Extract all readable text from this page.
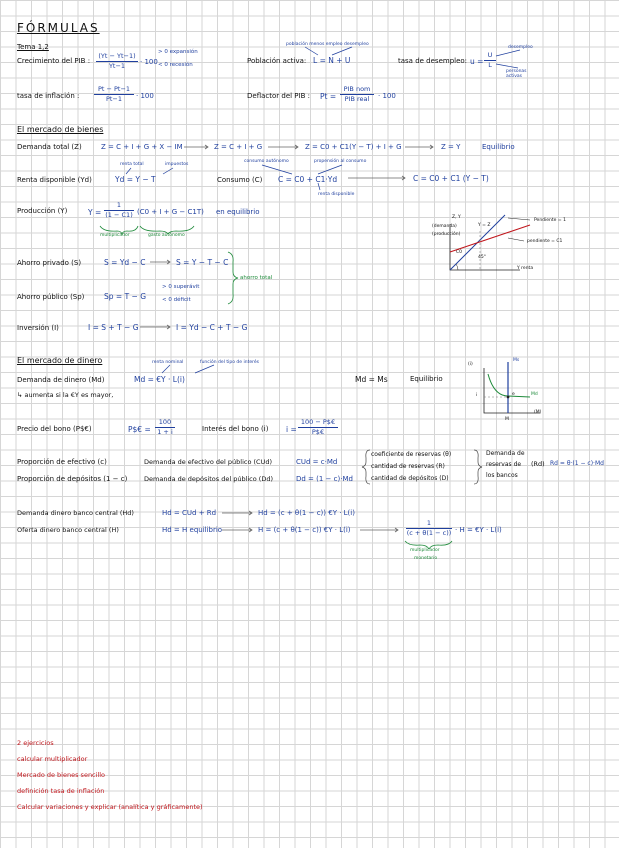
FÓRMULAS
Tema 1,2
Crecimiento del PIB : $\frac{(Yt - Yt-1)}{Yt-1} \cdot 100$
> 0 expansión
< 0 recesión
población menos empleo desempleo
Población activa: L = N + U	tasa de desempleo: $u = \frac{U}{L}$
desempleo
personas activas
tasa de inflación : $\frac{Pt - Pt-1}{Pt-1} \cdot 100$	Deflactor del PIB : Pt =
PIB nom
PIB real	· 100
El mercado de bienes
Demanda total (Z)	Z = C + I + G + X − IM	Z = C + I + G	Z = C0 + C1(Y − T) + I + G	Z = Y	Equilibrio
renta total	impuestos
Renta disponible (Yd)	Yd = Y − T
consumo autónomo	propensión al consumo
Consumo (C) C = C0 + C1·Yd
renta disponible
C = C0 + C1 (Y − T)
Producción (Y)	$Y = \frac{1}{(1 - C1)} (C0 + I + G - C1T)$ en equilibrio
multiplicador	gasto autónomo
Z, Y
(demanda)
(producción)
Y = Z
Pendiente = 1
pendiente = C1
C0
45°
Y renta
Ahorro privado (S)	S = Yd − C	S = Y − T − C
Ahorro público (Sp)	Sp = T − G
> 0 superávit
< 0 déficit
ahorro total
Inversión (I)	I = S + T − G	I = Yd − C + T − G
El mercado de dinero	renta nominal	función del tipo de interés
Demanda de dinero (Md)	Md = €Y · L(i)
↳ aumenta si la €Y es mayor,
Md = Ms	Equilibrio
(i)
Ms
Md
i	e
M
(M)
Precio del bono (P$€)	P$€ = $\frac{100}{1 + i}$	Interés del bono (i) $i = \frac{100 - P\$€}{P\$€}$
Proporción de efectivo (c)	Demanda de efectivo del público (CUd)	CUd = c·Md
Proporción de depósitos (1 − c)	Demanda de depósitos del público (Dd)	Dd = (1 − c)·Md
coeficiente de reservas (θ)
cantidad de reservas (R)
cantidad de depósitos (D)
Demanda de
reservas de
los bancos
(Rd) Rd = θ·(1 − c)·Md
Demanda dinero banco central (Hd)	Hd = CUd + Rd	Hd = (c + θ(1 − c)) €Y · L(i)
Oferta dinero banco central (H)	Hd = H equilibrio	H = (c + θ(1 − c)) €Y · L(i)	$\frac{1}{(c + \theta(1 - c))} \cdot H$ = €Y · L(i)
multiplicador
monetario
2 ejercicios
calcular multiplicador
Mercado de bienes sencillo
definición tasa de inflación
Calcular variaciones y explicar (analítica y gráficamente)
